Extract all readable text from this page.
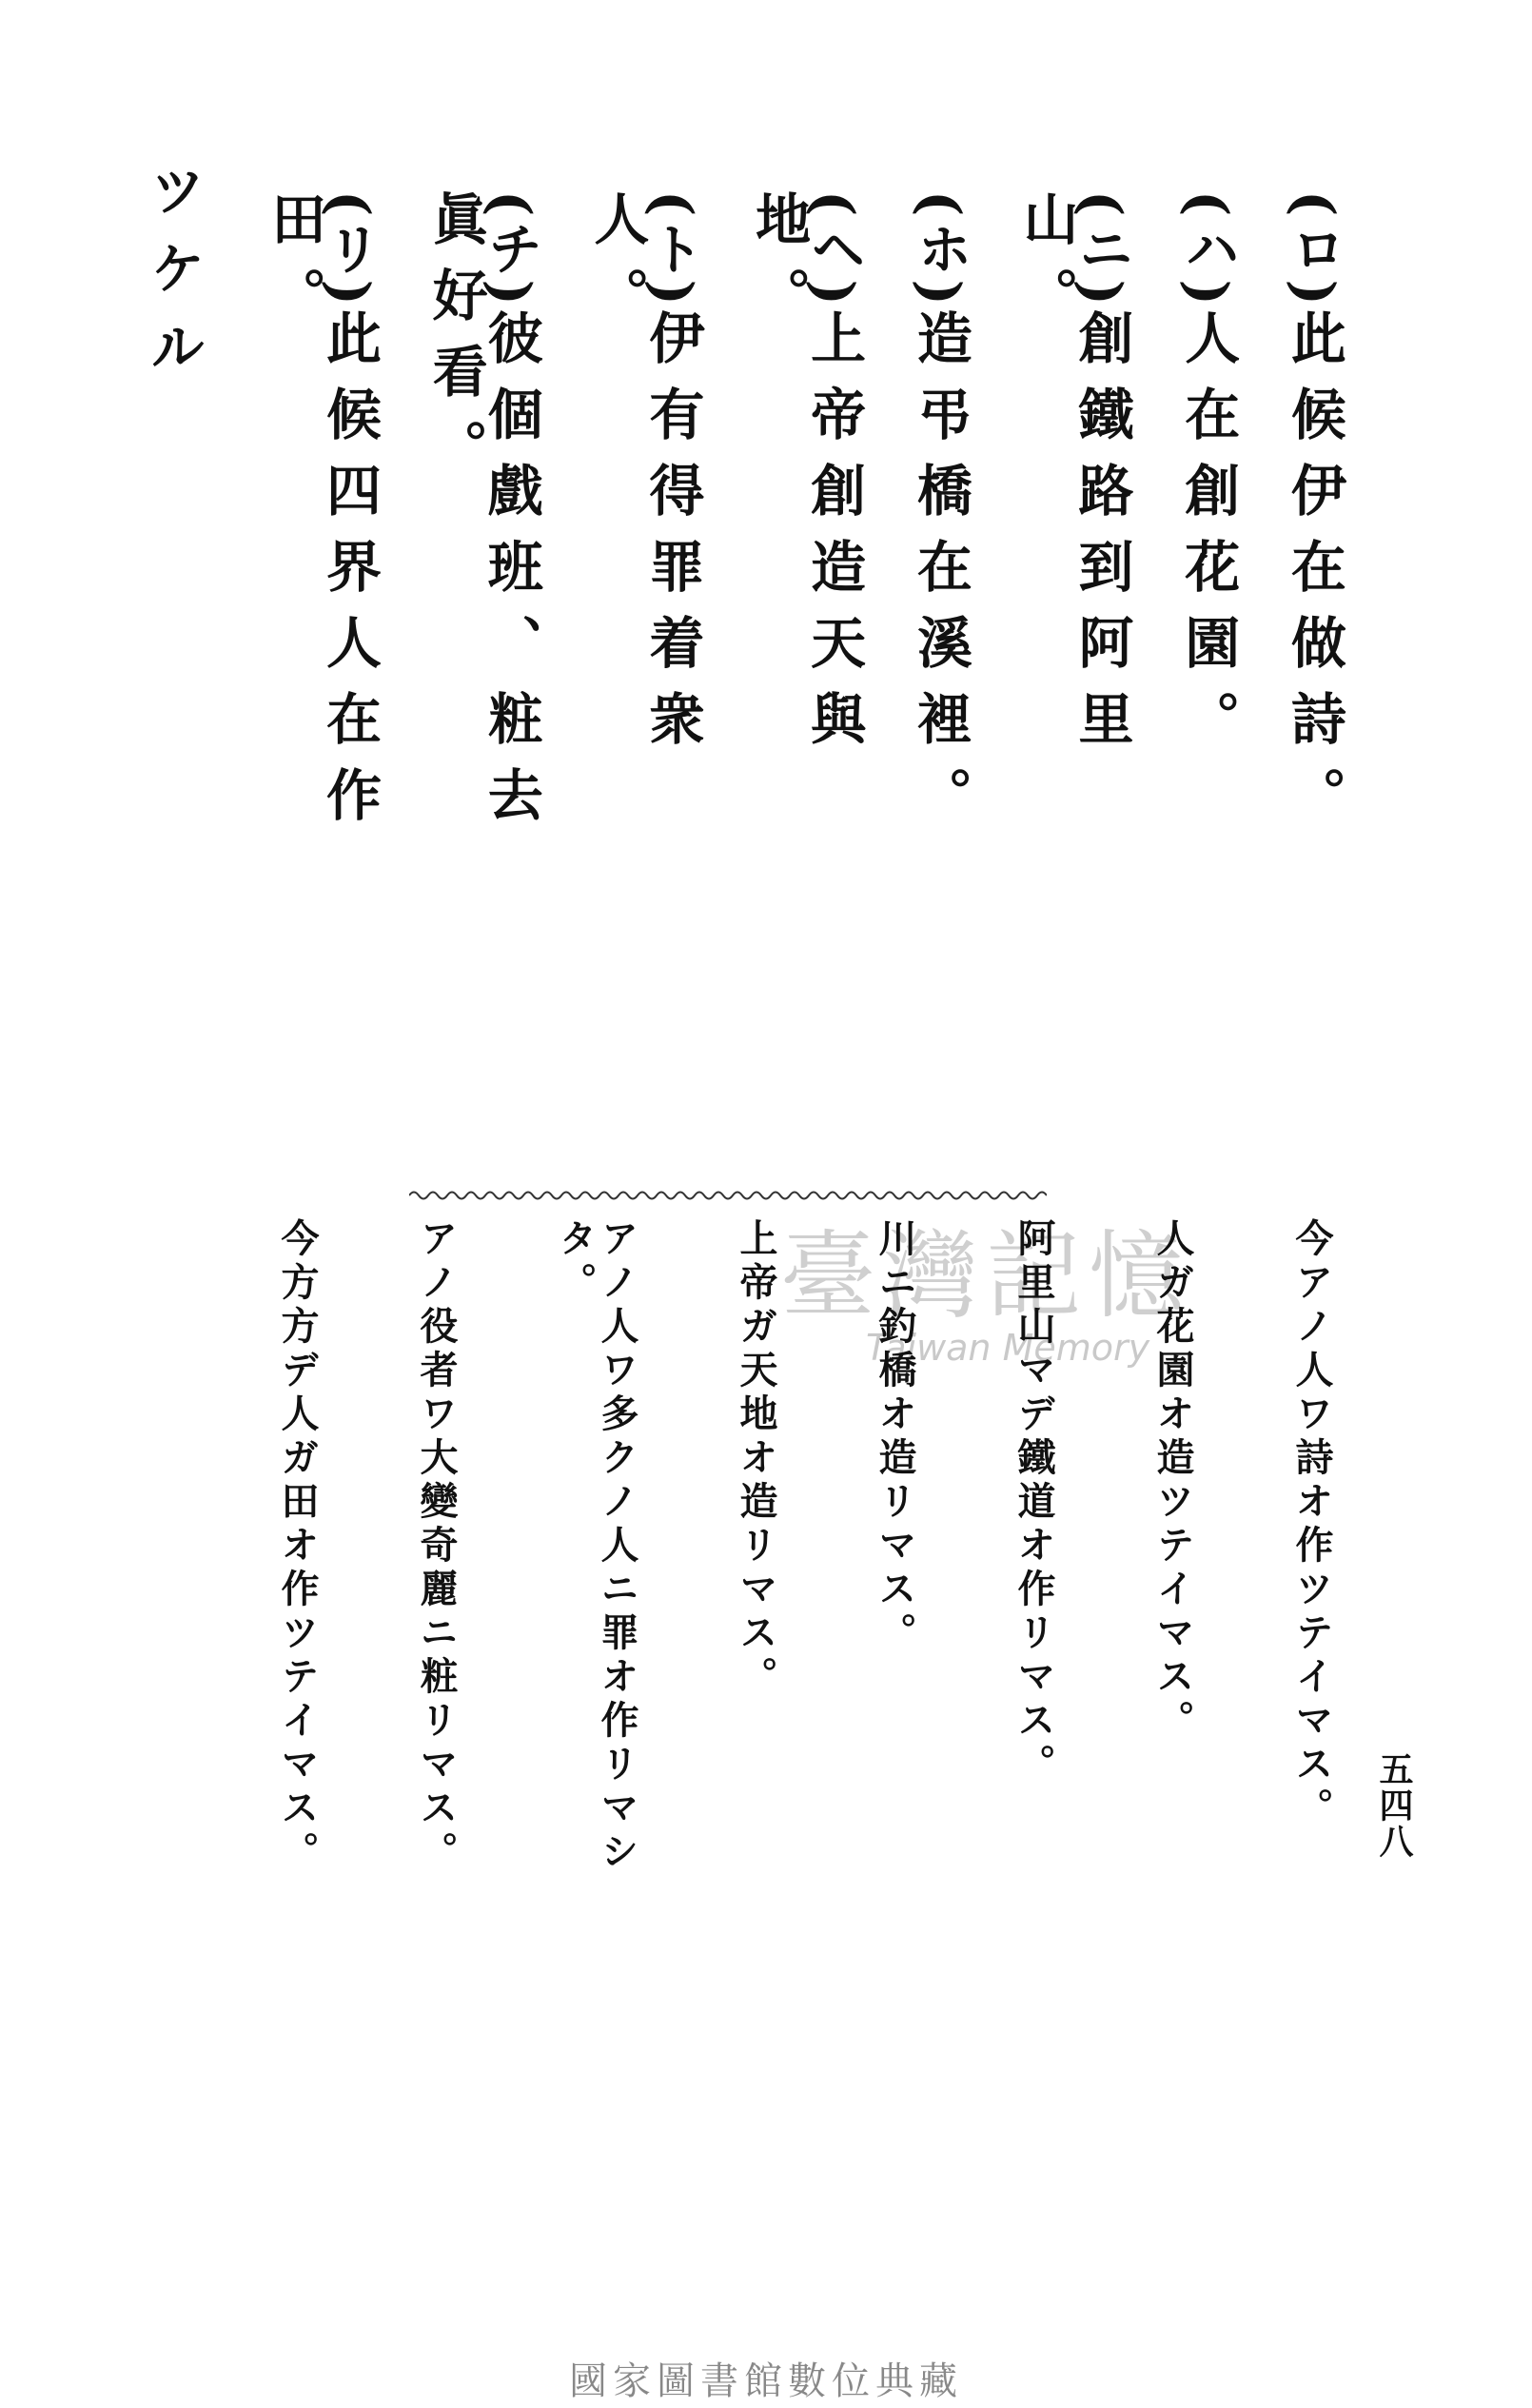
ツケル	(ロ)此候伊在做詩。
(ハ)人在創花園。
(ニ)創鐵路到阿里山。
(ホ)造弔橋在溪裡。
(ヘ)上帝創造天與地。
(ト)伊有得罪着衆人。
(チ)彼個戲班、粧去眞好看。
(リ)此候四界人在作田。
臺灣記憶
Taiwan Memory	今アノ人ワ詩オ作ツテイマス。
人ガ花園オ造ツテイマス。
阿里山マデ鐵道オ作リマス。
川ニ釣橋オ造リマス。
上帝ガ天地オ造リマス。
アノ人ワ多クノ人ニ罪オ作リマシタ。
アノ役者ワ大變奇麗ニ粧リマス。
今方方デ人ガ田オ作ツテイマス。	五四八
國家圖書館數位典藏
